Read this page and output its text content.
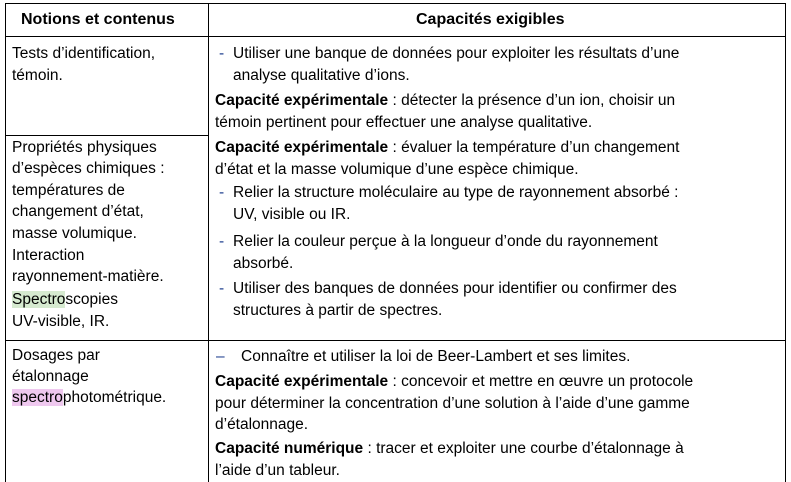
Notions et contenus	Capacités exigibles
Tests d’identification,
témoin.
- Utiliser une banque de données pour exploiter les résultats d’une
analyse qualitative d’ions.
Capacité expérimentale : détecter la présence d’un ion, choisir un
témoin pertinent pour effectuer une analyse qualitative.
Propriétés physiques
d’espèces chimiques :
températures de
changement d’état,
masse volumique.
Interaction
rayonnement-matière.
Spectroscopies
UV-visible, IR.
Capacité expérimentale : évaluer la température d’un changement
d’état et la masse volumique d’une espèce chimique.
- Relier la structure moléculaire au type de rayonnement absorbé :
UV, visible ou IR.
- Relier la couleur perçue à la longueur d’onde du rayonnement
absorbé.
- Utiliser des banques de données pour identifier ou confirmer des
structures à partir de spectres.
Dosages par
étalonnage
spectrophotométrique.
– Connaître et utiliser la loi de Beer-Lambert et ses limites.
Capacité expérimentale : concevoir et mettre en œuvre un protocole
pour déterminer la concentration d’une solution à l’aide d’une gamme
d’étalonnage.
Capacité numérique : tracer et exploiter une courbe d’étalonnage à
l’aide d’un tableur.
